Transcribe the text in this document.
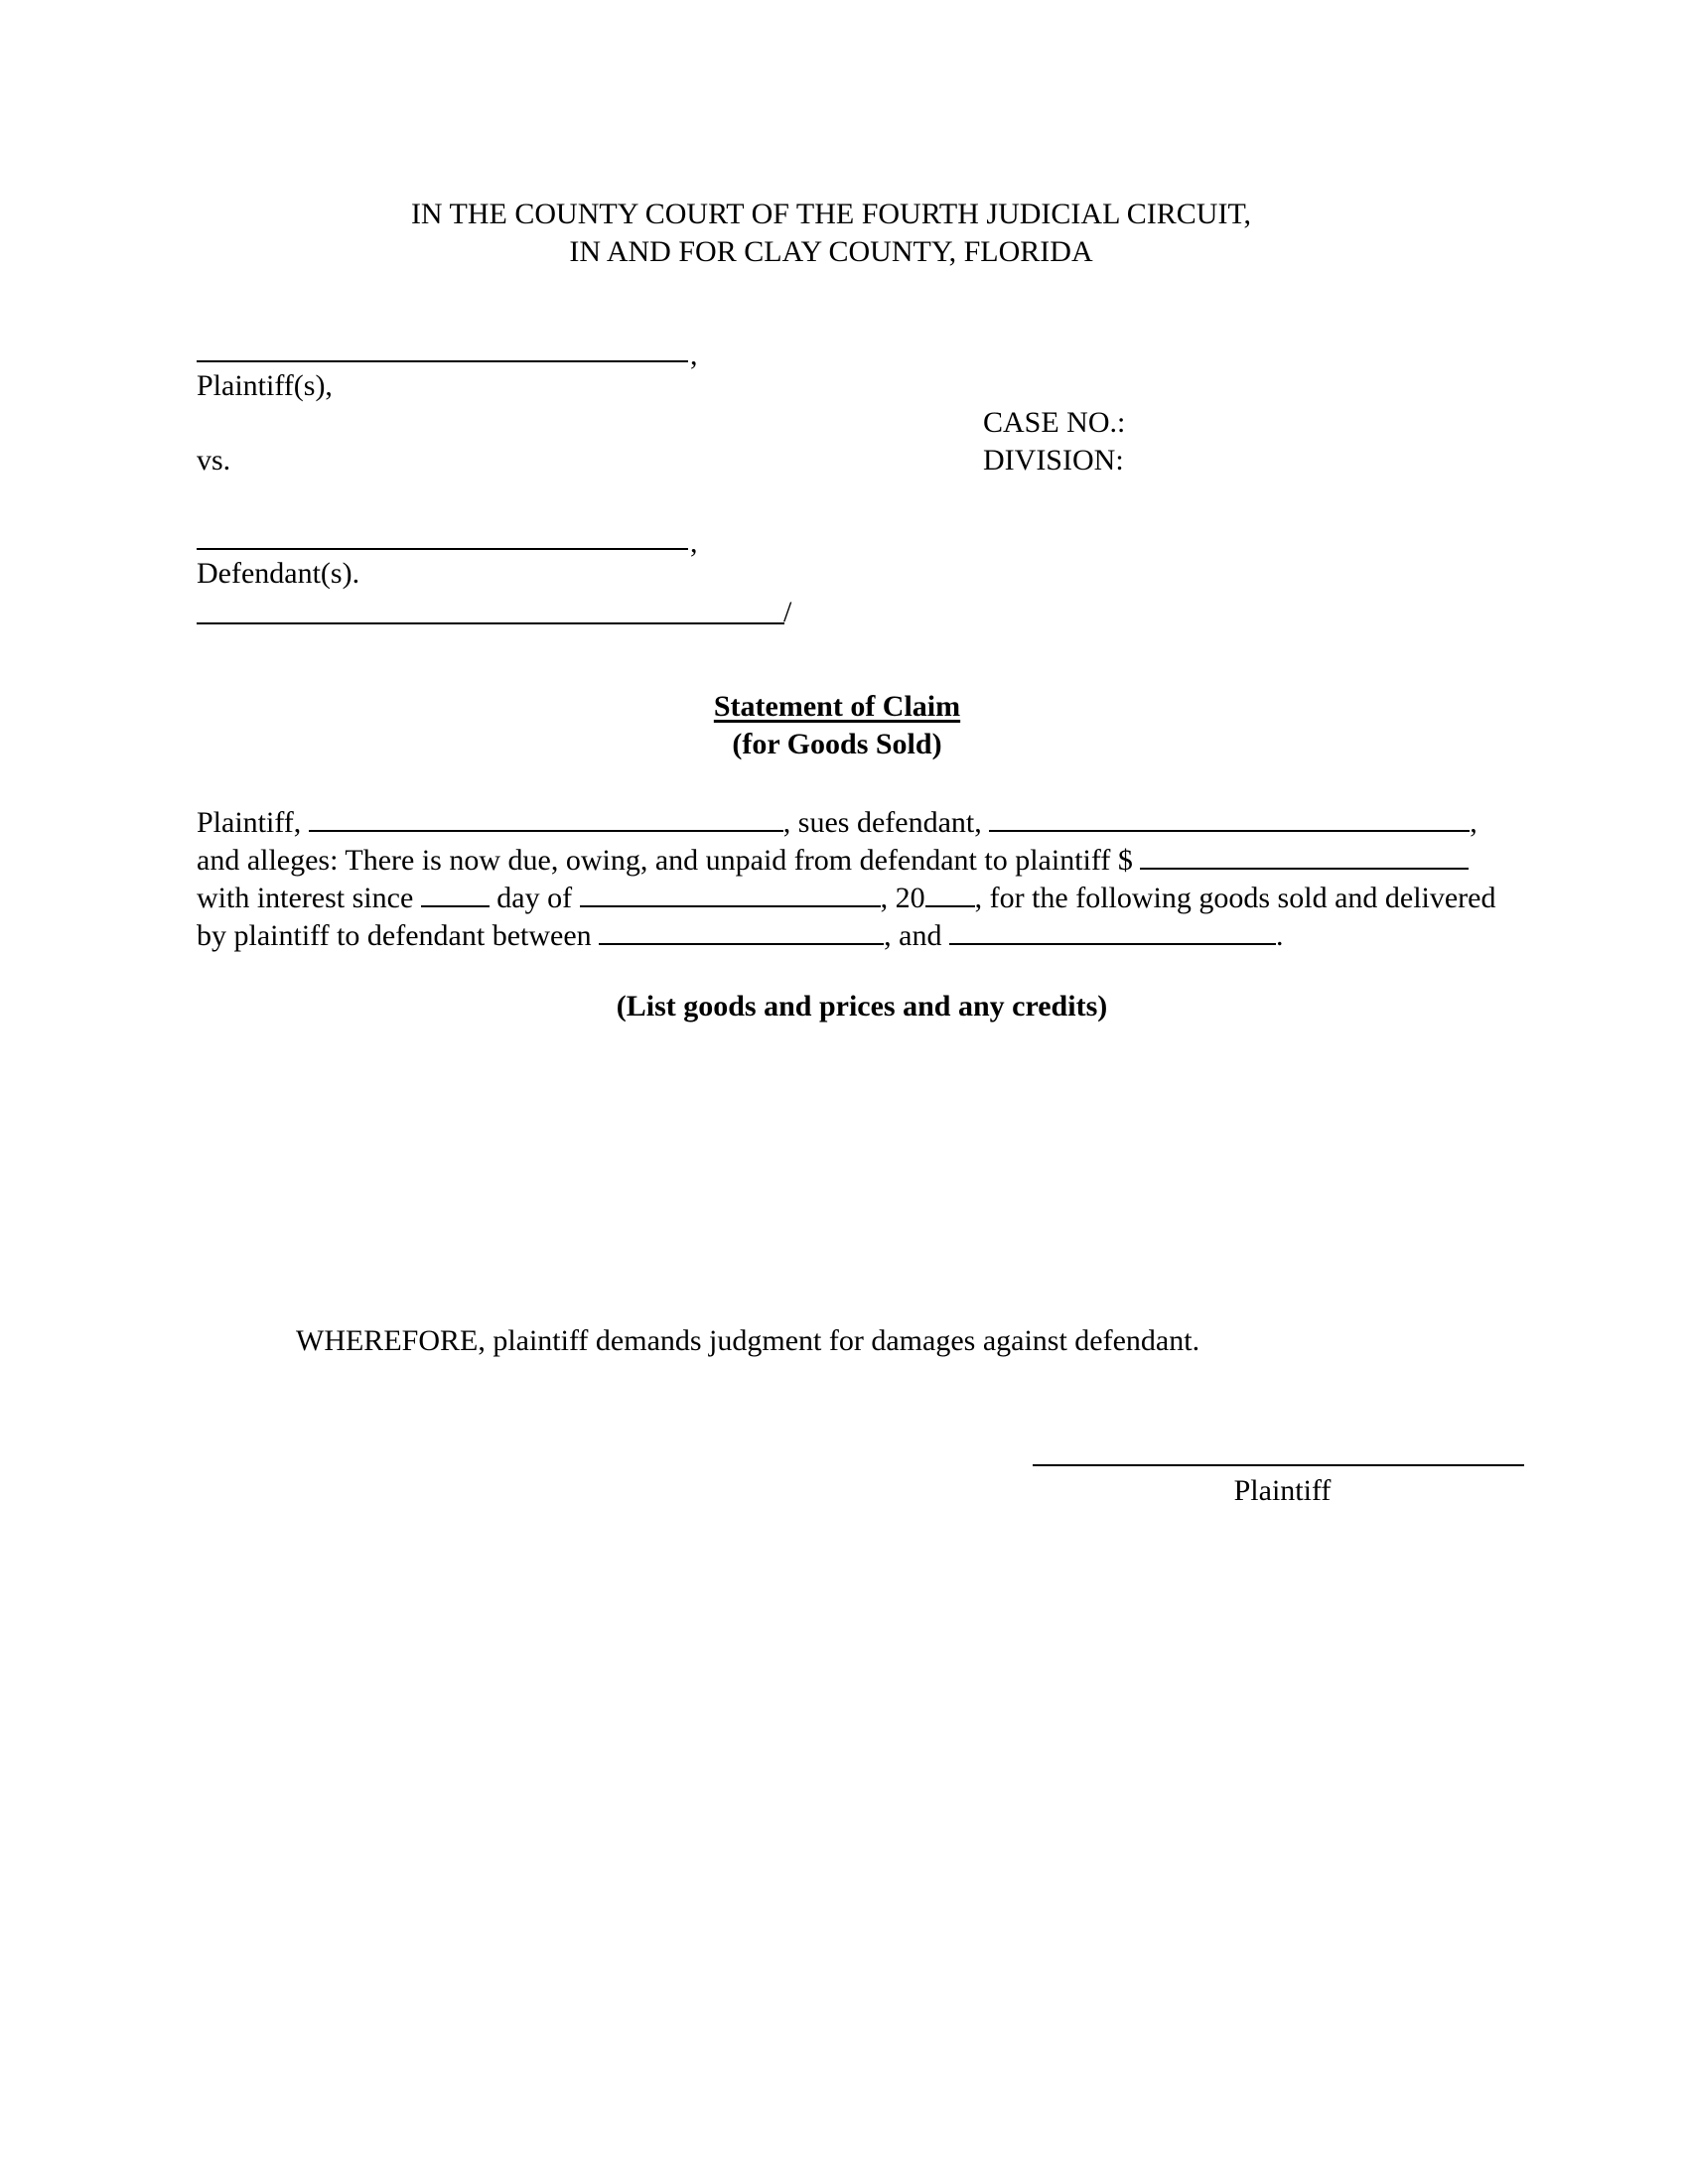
IN THE COUNTY COURT OF THE FOURTH JUDICIAL CIRCUIT,
IN AND FOR CLAY COUNTY, FLORIDA
,
Plaintiff(s),
CASE NO.:
vs.	DIVISION:
,
Defendant(s).
/
Statement of Claim
(for Goods Sold)
Plaintiff,	, sues defendant,	,
and alleges: There is now due, owing, and unpaid from defendant to plaintiff $
with interest since	day of	, 20 , for the following goods sold and delivered
by plaintiff to defendant between	, and	.
(List goods and prices and any credits)
WHEREFORE, plaintiff demands judgment for damages against defendant.
Plaintiff
